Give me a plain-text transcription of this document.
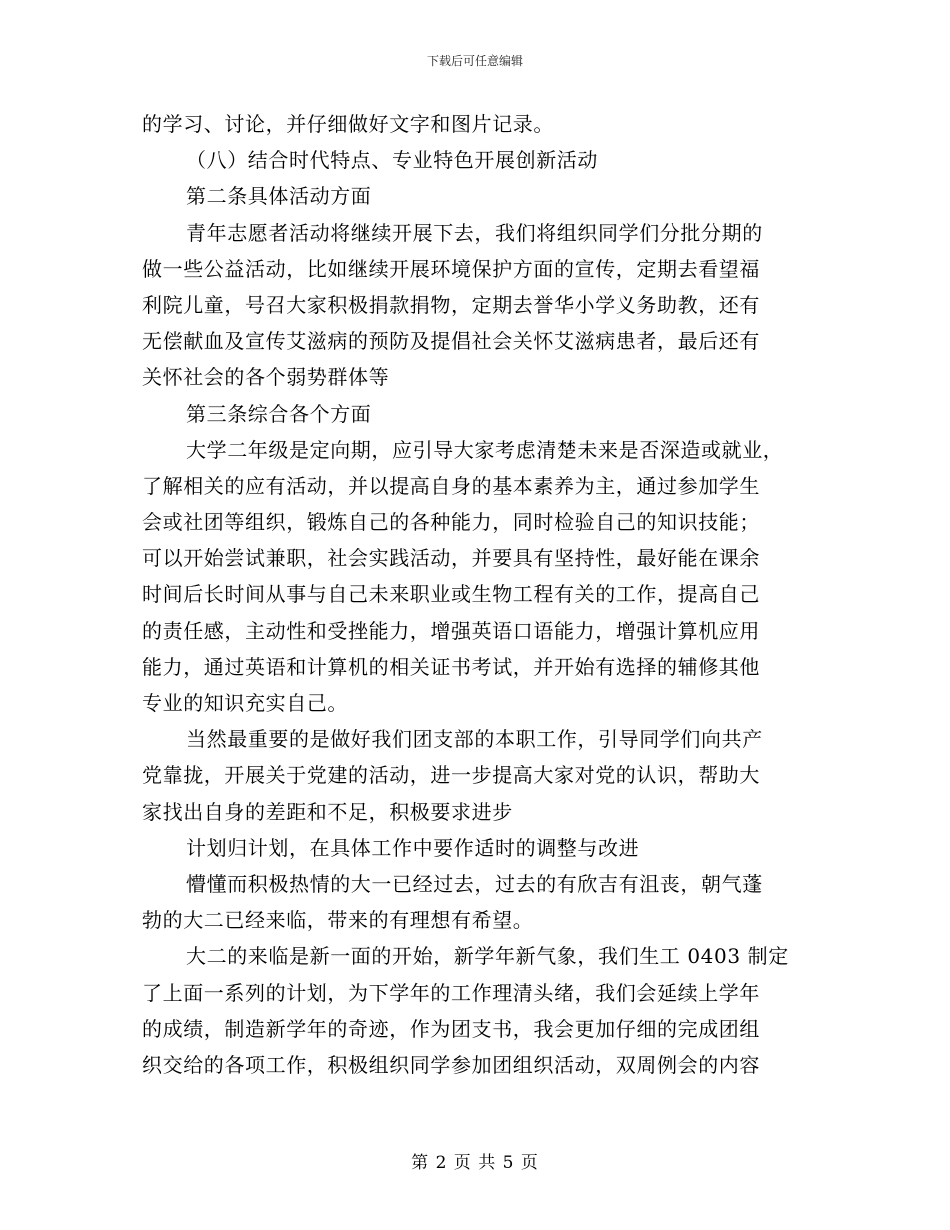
下载后可任意编辑
的学习、讨论，并仔细做好文字和图片记录。
（八）结合时代特点、专业特色开展创新活动
第二条具体活动方面
青年志愿者活动将继续开展下去，我们将组织同学们分批分期的
做一些公益活动，比如继续开展环境保护方面的宣传，定期去看望福
利院儿童，号召大家积极捐款捐物，定期去誉华小学义务助教，还有
无偿献血及宣传艾滋病的预防及提倡社会关怀艾滋病患者，最后还有
关怀社会的各个弱势群体等
第三条综合各个方面
大学二年级是定向期，应引导大家考虑清楚未来是否深造或就业，
了解相关的应有活动，并以提高自身的基本素养为主，通过参加学生
会或社团等组织，锻炼自己的各种能力，同时检验自己的知识技能；
可以开始尝试兼职，社会实践活动，并要具有坚持性，最好能在课余
时间后长时间从事与自己未来职业或生物工程有关的工作，提高自己
的责任感，主动性和受挫能力，增强英语口语能力，增强计算机应用
能力，通过英语和计算机的相关证书考试，并开始有选择的辅修其他
专业的知识充实自己。
当然最重要的是做好我们团支部的本职工作，引导同学们向共产
党靠拢，开展关于党建的活动，进一步提高大家对党的认识，帮助大
家找出自身的差距和不足，积极要求进步
计划归计划，在具体工作中要作适时的调整与改进
懵懂而积极热情的大一已经过去，过去的有欣吉有沮丧，朝气蓬
勃的大二已经来临，带来的有理想有希望。
大二的来临是新一面的开始，新学年新气象，我们生工 0403 制定
了上面一系列的计划，为下学年的工作理清头绪，我们会延续上学年
的成绩，制造新学年的奇迹，作为团支书，我会更加仔细的完成团组
织交给的各项工作，积极组织同学参加团组织活动，双周例会的内容
第 2 页 共 5 页
